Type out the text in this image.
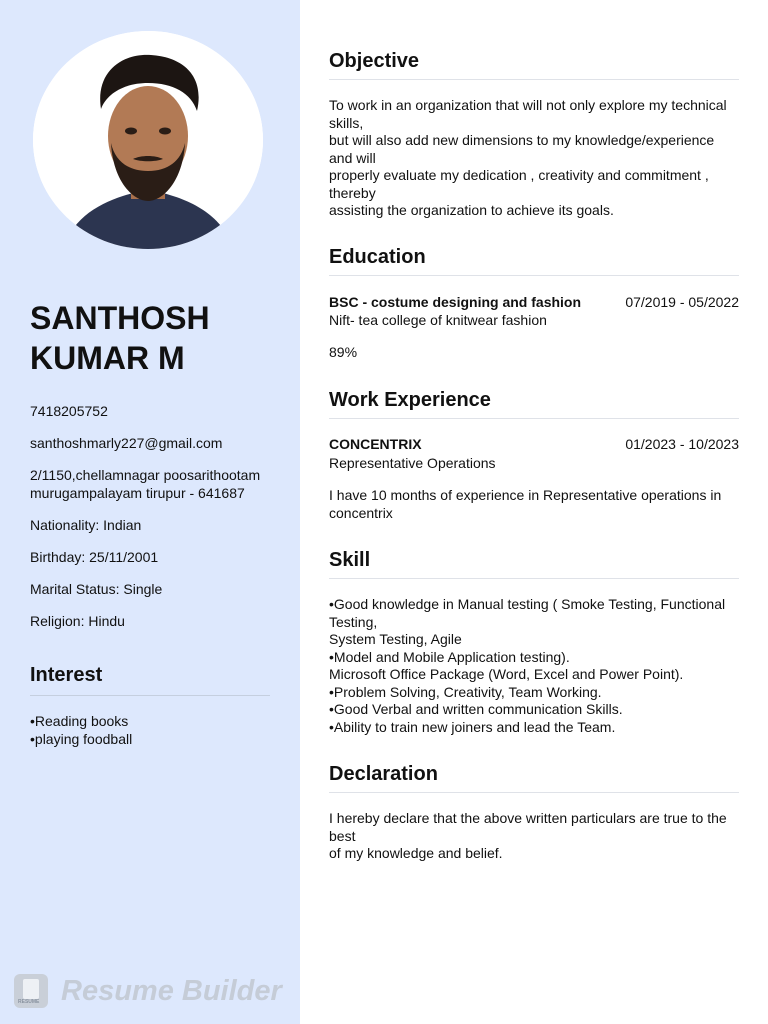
SANTHOSH
KUMAR M
7418205752
santhoshmarly227@gmail.com
2/1150,chellamnagar poosarithootam
murugampalayam tirupur - 641687
Nationality: Indian
Birthday: 25/11/2001
Marital Status: Single
Religion: Hindu
Interest
•Reading books
•playing foodball
RESUME Resume Builder
Objective
To work in an organization that will not only explore my technical skills,
but will also add new dimensions to my knowledge/experience and will
properly evaluate my dedication , creativity and commitment , thereby
assisting the organization to achieve its goals.
Education
BSC - costume designing and fashion	07/2019 - 05/2022
Nift- tea college of knitwear fashion
89%
Work Experience
CONCENTRIX	01/2023 - 10/2023
Representative Operations
I have 10 months of experience in Representative operations in concentrix
Skill
•Good knowledge in Manual testing ( Smoke Testing, Functional Testing,
System Testing, Agile
•Model and Mobile Application testing).
Microsoft Office Package (Word, Excel and Power Point).
•Problem Solving, Creativity, Team Working.
•Good Verbal and written communication Skills.
•Ability to train new joiners and lead the Team.
Declaration
I hereby declare that the above written particulars are true to the best
of my knowledge and belief.
